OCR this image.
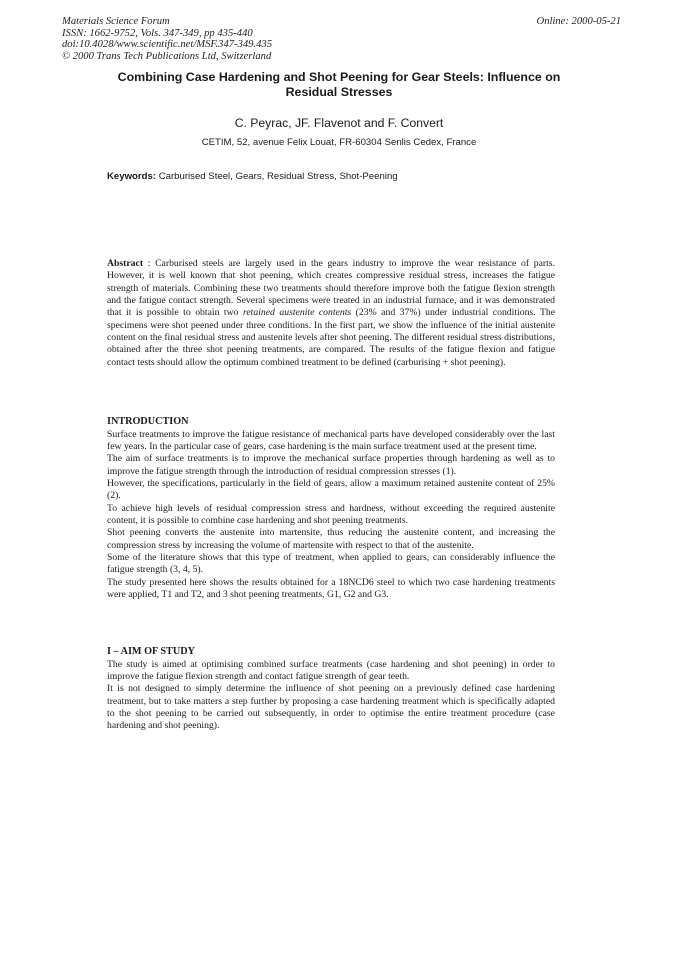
Materials Science Forum
ISSN: 1662-9752, Vols. 347-349, pp 435-440
doi:10.4028/www.scientific.net/MSF.347-349.435
© 2000 Trans Tech Publications Ltd, Switzerland
Online: 2000-05-21
Combining Case Hardening and Shot Peening for Gear Steels: Influence on Residual Stresses
C. Peyrac, JF. Flavenot and F. Convert
CETIM, 52, avenue Felix Louat, FR-60304 Senlis Cedex, France
Keywords: Carburised Steel, Gears, Residual Stress, Shot-Peening

Abstract : Carburised steels are largely used in the gears industry to improve the wear resistance of parts. However, it is well known that shot peening, which creates compressive residual stress, increases the fatigue strength of materials. Combining these two treatments should therefore improve both the fatigue flexion strength and the fatigue contact strength. Several specimens were treated in an industrial furnace, and it was demonstrated that it is possible to obtain two retained austenite contents (23% and 37%) under industrial conditions. The specimens were shot peened under three conditions. In the first part, we show the influence of the initial austenite content on the final residual stress and austenite levels after shot peening. The different residual stress distributions, obtained after the three shot peening treatments, are compared. The results of the fatigue flexion and fatigue contact tests should allow the optimum combined treatment to be defined (carburising + shot peening).

INTRODUCTION

Surface treatments to improve the fatigue resistance of mechanical parts have developed considerably over the last few years. In the particular case of gears, case hardening is the main surface treatment used at the present time.

The aim of surface treatments is to improve the mechanical surface properties through hardening as well as to improve the fatigue strength through the introduction of residual compression stresses (1).

However, the specifications, particularly in the field of gears, allow a maximum retained austenite content of 25% (2).

To achieve high levels of residual compression stress and hardness, without exceeding the required austenite content, it is possible to combine case hardening and shot peening treatments.

Shot peening converts the austenite into martensite, thus reducing the austenite content, and increasing the compression stress by increasing the volume of martensite with respect to that of the austenite.

Some of the literature shows that this type of treatment, when applied to gears, can considerably influence the fatigue strength (3, 4, 5).

The study presented here shows the results obtained for a 18NCD6 steel to which two case hardening treatments were applied, T1 and T2, and 3 shot peening treatments, G1, G2 and G3.

I – AIM OF STUDY

The study is aimed at optimising combined surface treatments (case hardening and shot peening) in order to improve the fatigue flexion strength and contact fatigue strength of gear teeth.

It is not designed to simply determine the influence of shot peening on a previously defined case hardening treatment, but to take matters a step further by proposing a case hardening treatment which is specifically adapted to the shot peening to be carried out subsequently, in order to optimise the entire treatment procedure (case hardening and shot peening).
